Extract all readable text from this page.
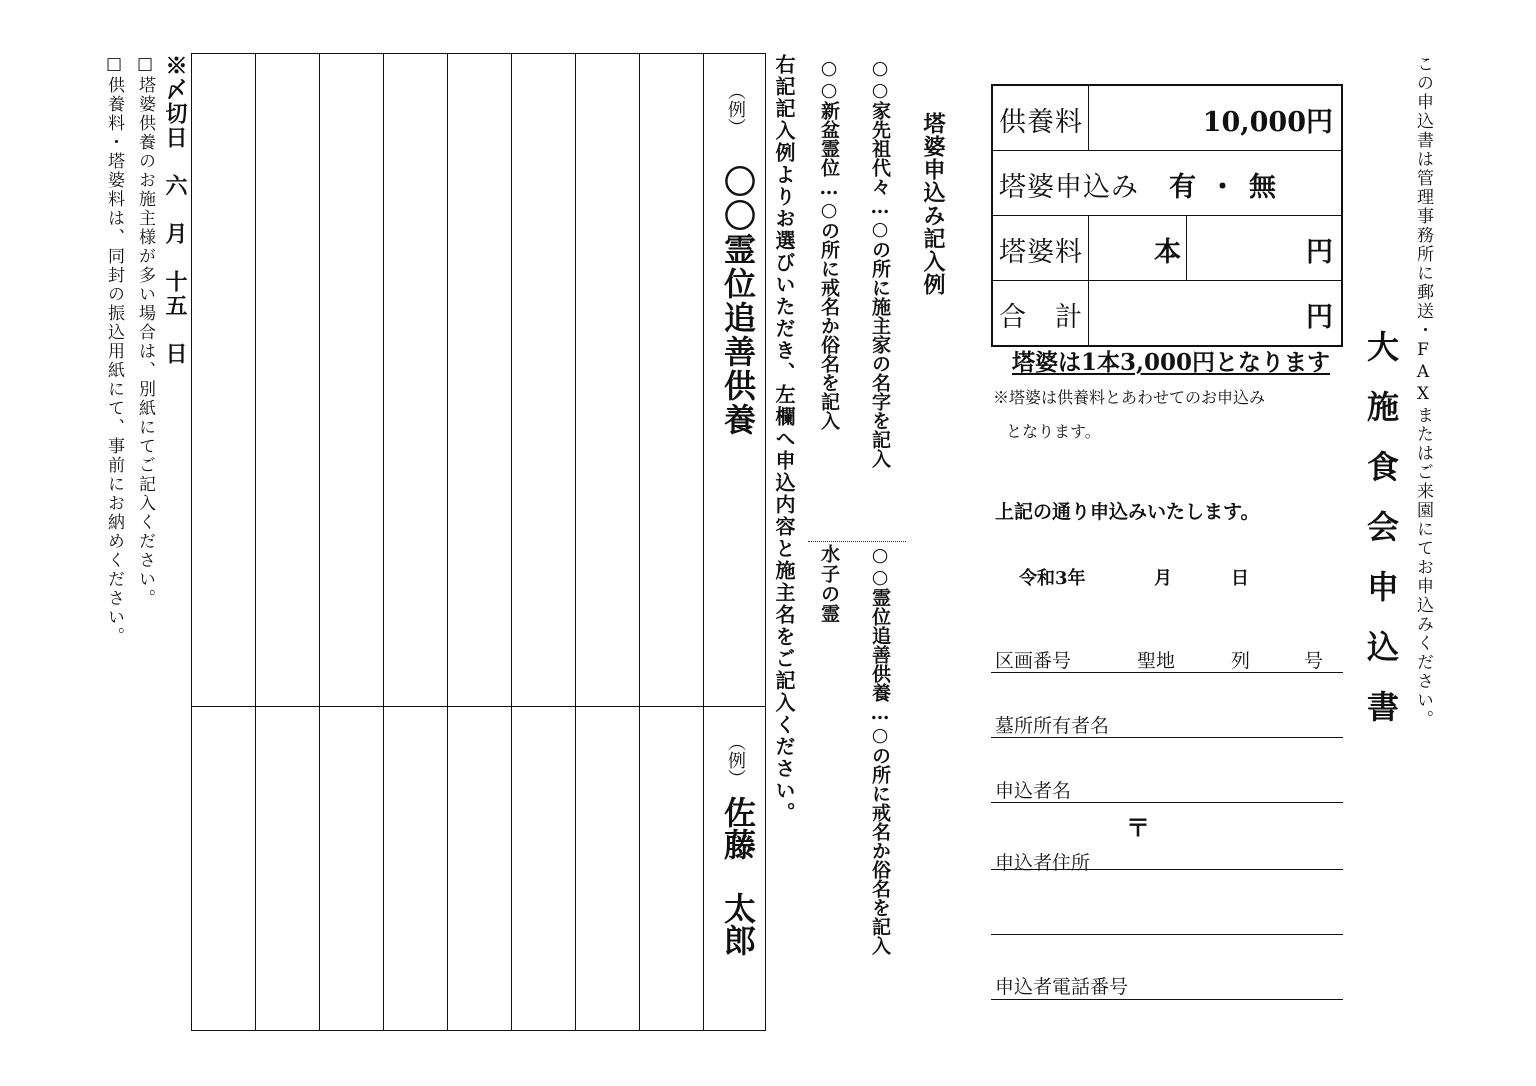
この申込書は管理事務所に郵送・FAXまたはご来園にてお申込みください。
大施食会申込書
供養料	10,000円
塔婆申込み 有 ・ 無
塔婆料	本	円
合　計	円
塔婆は1本3,000円となります
※塔婆は供養料とあわせてのお申込み
となります。
上記の通り申込みいたします。
令和3年	月	日
区画番号	聖地	列	号
墓所所有者名
申込者名
〒
申込者住所
申込者電話番号
塔婆申込み記入例
○○家先祖代々…○の所に施主家の名字を記入
○○新盆霊位…○の所に戒名か俗名を記入
○○霊位追善供養…○の所に戒名か俗名を記入
水子の霊
右記記入例よりお選びいただき、左欄へ申込内容と施主名をご記入ください。
（例）
〇〇霊位追善供養
（例）
佐藤　太郎
※〆切日　六　月　十五　日
□塔婆供養のお施主様が多い場合は、別紙にてご記入ください。
□供養料・塔婆料は、同封の振込用紙にて、事前にお納めください。
